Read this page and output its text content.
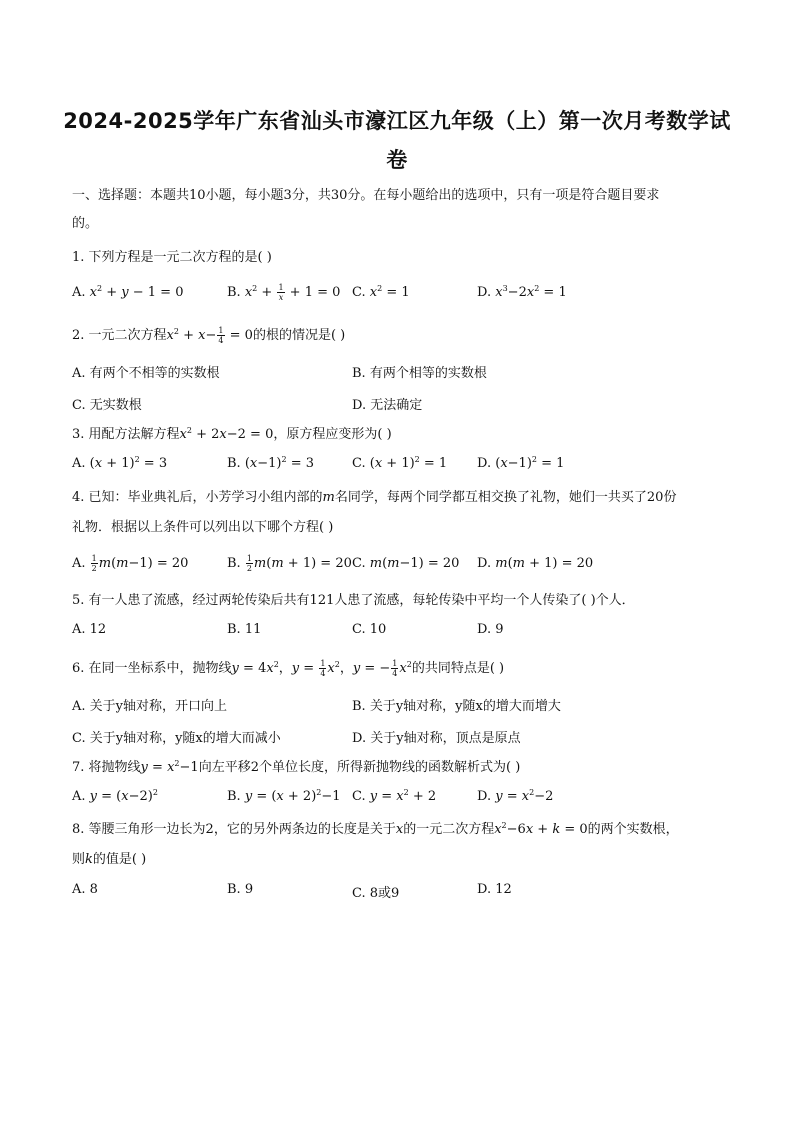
2024-2025学年广东省汕头市濠江区九年级（上）第一次月考数学试
卷
一、选择题：本题共10小题，每小题3分，共30分。在每小题给出的选项中，只有一项是符合题目要求
的。
1. 下列方程是一元二次方程的是( )
A. $x^2 + y - 1 = 0$	B. $x^2 + \frac{1}{x} + 1 = 0$ C. $x^2 = 1$	D. $x^3-2x^2 = 1$
2. 一元二次方程$x^2 + x- \frac{1}{4} = 0$的根的情况是( )
A. 有两个不相等的实数根	B. 有两个相等的实数根
C. 无实数根	D. 无法确定
3. 用配方法解方程$x^2 + 2x-2 = 0$，原方程应变形为( )
A. $(x + 1)^2 = 3$	B. $(x-1)^2 = 3$	C. $(x + 1)^2 = 1$ D. $(x-1)^2 = 1$
4. 已知：毕业典礼后，小芳学习小组内部的m名同学，每两个同学都互相交换了礼物，她们一共买了20份
礼物．根据以上条件可以列出以下哪个方程( )
A. $\frac{1}{2} m(m-1) = 20$	B. $\frac{1}{2} m(m + 1) = 20$ C. m(m−1) = 20 D. m(m + 1) = 20
5. 有一人患了流感，经过两轮传染后共有121人患了流感，每轮传染中平均一个人传染了( )个人．
A. 12	B. 11	C. 10	D. 9
6. 在同一坐标系中，抛物线$y = 4x^2$，$y = \frac{1}{4} x^2$，y = − $\frac{1}{4} x^2$的共同特点是( )
A. 关于y轴对称，开口向上	B. 关于y轴对称，y随x的增大而增大
C. 关于y轴对称，y随x的增大而减小	D. 关于y轴对称，顶点是原点
7. 将抛物线$y = x^2-1$向左平移2个单位长度，所得新抛物线的函数解析式为( )
A. $y = (x-2)^2$	B. $y = (x + 2)^2-1$ C. $y = x^2 + 2$	D. $y = x^2-2$
8. 等腰三角形一边长为2，它的另外两条边的长度是关于x的一元二次方程$x^2-6x + k = 0$的两个实数根，
则k的值是( )
A. 8	B. 9	C. 8或9	D. 12
